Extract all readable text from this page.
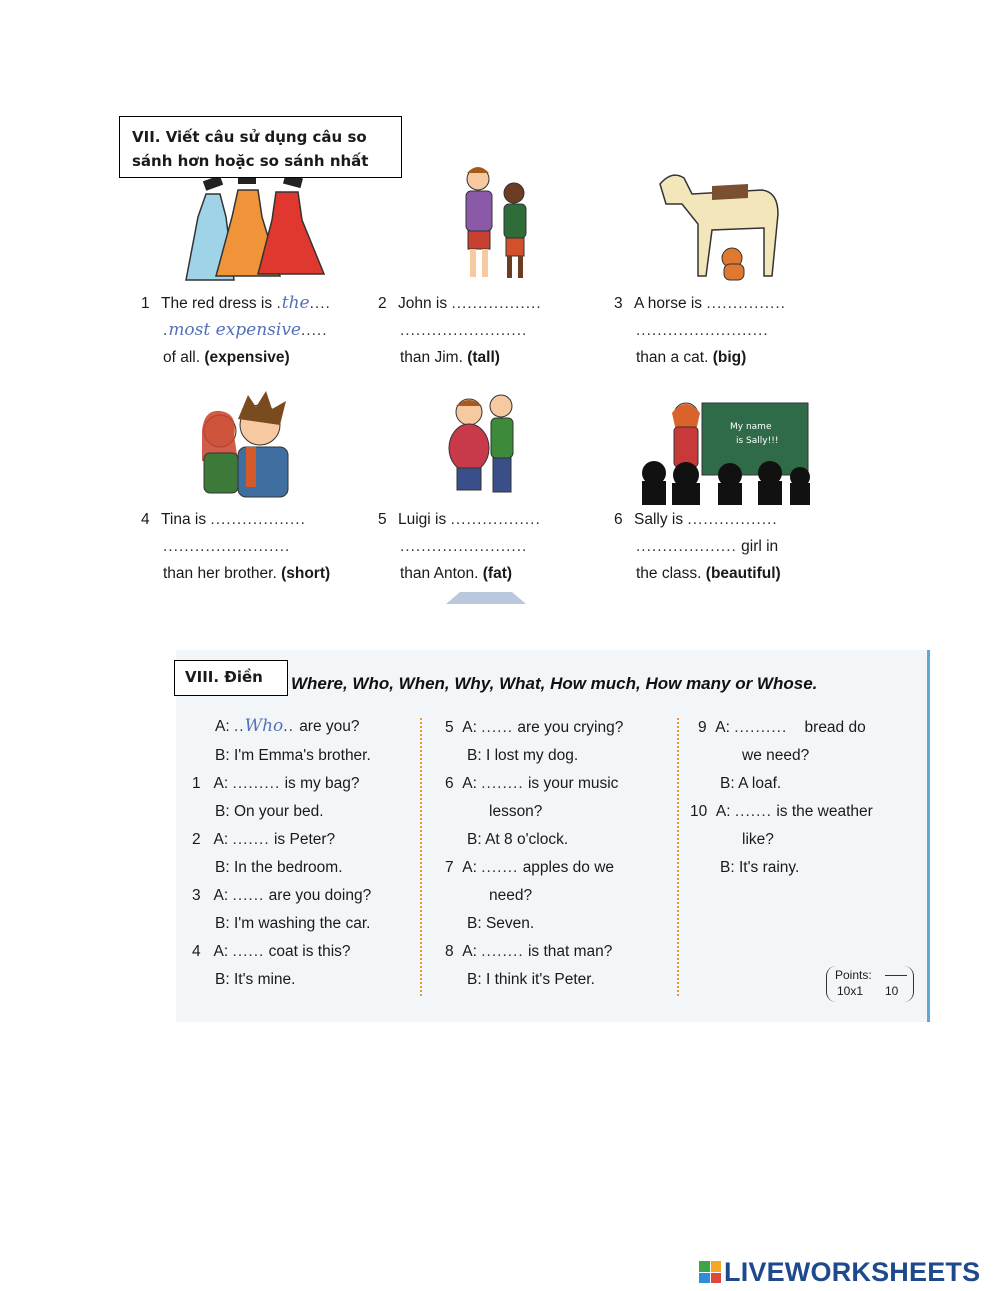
VII. Viết câu sử dụng câu so sánh hơn hoặc so sánh nhất
My name
is Sally!!!
1 The red dress is .the....
.most expensive.....
of all. (expensive)
2 John is .................
........................
than Jim. (tall)
3 A horse is ...............
.........................
than a cat. (big)
4 Tina is ..................
........................
than her brother. (short)
5 Luigi is .................
........................
than Anton. (fat)
6 Sally is .................
................... girl in
the class. (beautiful)
VIII. Điền	Where, Who, When, Why, What, How much, How many or Whose.
A: ..Who.. are you?
B: I'm Emma's brother.
1 A: ......... is my bag?
B: On your bed.
2 A: ....... is Peter?
B: In the bedroom.
3 A: ...... are you doing?
B: I'm washing the car.
4 A: ...... coat is this?
B: It's mine.
5 A: ...... are you crying?
B: I lost my dog.
6 A: ........ is your music
lesson?
B: At 8 o'clock.
7 A: ....... apples do we
need?
B: Seven.
8 A: ........ is that man?
B: I think it's Peter.
9 A: .......... bread do
we need?
B: A loaf.
10 A: ....... is the weather
like?
B: It's rainy.
Points:
10x1 10
LIVEWORKSHEETS
